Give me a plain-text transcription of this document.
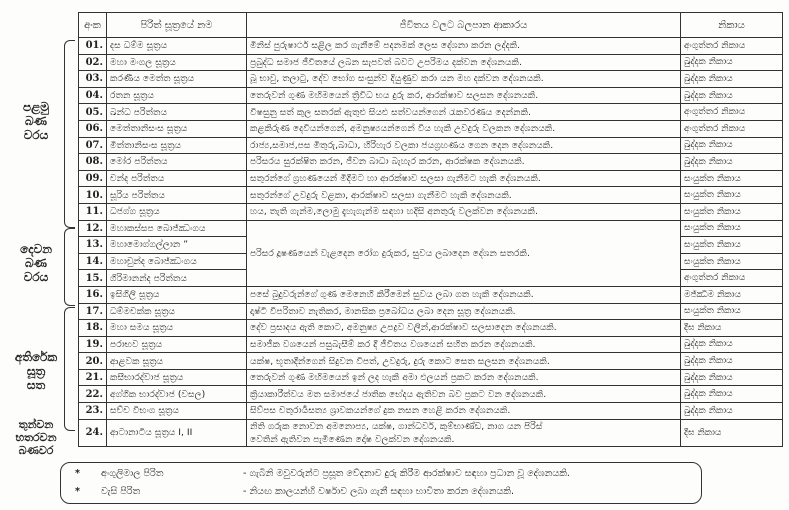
අංක	පිරිත් සූත්‍රයේ නම	ජීවිතය වලට බලපාන ආකාරය	නිකාය
01.	දස ධම්ම සූත්‍රය	මිනිස් පුරුෂාර්ථ සළිල කර ගැනීමේ පදනමක් ලෙස දේශනා කරන ලද්දකි.	අංගුත්තර නිකාය
02.	මහා මංගල සූත්‍රය	ප්‍රබුද්ධ සමාජ ජීවිතයේ ලබන සැපවත් බවට උපරිමය දක්වන දේශනයකි.	ඛුද්දක නිකාය
03.	කරණීය මෙත්ත සූත්‍රය	බූ භාවු, තලාටු, දේව භෝග සංසුන්ව දියුණුව කරා යන මහ දක්වන දේශනයකි.	ඛුද්දක නිකාය
04.	රතන සූත්‍රය	තෙරුවන් ගුණ මහිමයෙන් ත්‍රිවිධ භය දුරු කර, ආරක්ෂාව සලසන දේශනයකි.	ඛුද්දක නිකාය
05.	ඛන්ධ පරිත්තය	විෂසුනු සත් කුල සතරක් ඇතුළු සියළු සත්වයන්ගෙන් රැකවරණය දෙන්නකි.	අංගුත්තර නිකාය
06.	මෙත්තානිසංස සූත්‍රය	කළකිරුණ දෙවියන්ගෙන්, අමනුෂ්‍යයන්ගෙන් විය හැකි උවදුරු වලකන දේශනයකි.	අංගුත්තර නිකාය
07.	මිත්තානිසංස සූත්‍රය	රාජ්‍ය,සමාජ,පස මිතුරු,බාධා, හිරිහැර වලකා ජයග්‍රහණය ගෙන දෙන දේශනයකි.	ඛුද්දක නිකාය
08.	මෝර පරිත්තය	පරිසරය සුරක්ෂිත කරන, ජීවන බාධා බැහැර කරන, ආරක්ෂක දේශනයකි.	ඛුද්දක නිකාය
09.	චන්ද පරිත්තය	සතුරන්ගේ ග්‍රහණයෙන් මිදීමට හා ආරක්ෂාව සලසා ගැනීමට හැකි දේශනයකි.	සංයුක්ත නිකාය
10.	සූරිය පරිත්තය	සතුරන්ගේ උවදුරු වළකා, ආරක්ෂාව සලසා ගැනීමට හැකි දේශනයකි.	සංයුක්ත නිකාය
11.	ධජග්ග සූත්‍රය	හය, තැති ගැන්ම,ලොමු දැහැගැන්ම සඳහා හදිසි අනතුරු වලක්වන දේශනයකි.	සංයුක්ත නිකාය
12.	මහාකස්සප බොජ්ඣංගය	පරිසර දූෂණයෙන් වැළදෙන රෝග දුරුකර, සුවය ලබාදෙන දේශන සතරකි.	සංයුක්ත නිකාය
13.	මහාමොග්ගල්ලාන ”		සංයුක්ත නිකාය
14.	මහාචුන්ද බොජ්ඣංගය		සංයුක්ත නිකාය
15.	ගිරිමානන්ද පරිත්තය		අංගුත්තර නිකාය
16.	ඉසිගිලි සූත්‍රය	පසේ බුදුවරුන්ගේ ගුණ මෙනෙහි කිරීමෙන් සුවය ලබා ගත හැකි දේශනයකි.	මජ්ඣිම නිකාය
17.	ධම්මචක්ක සූත්‍රය	දෘෂ්ටි විපරිතාව නැතිකර, මානසික ප්‍රබෝධය ලබා දෙන සූත්‍ර දේශනයකි.	සංයුක්ත නිකාය
18.	මහා සමය සූත්‍රය	දේව ප්‍රසාදය ඇති කොට, අමනුෂ්‍ය උපද්‍රව වලින්,ආරක්ෂාව සලසාදෙන දේශනයකි.	දීඝ නිකාය
19.	පරාභව සූත්‍රය	සමාජීක වශයෙන් පසුබැසීම් කර දී ජීවිතය වශයෙන් සහිත කරන දේශනයකි.	ඛුද්දක නිකාය
20.	ආළවක සූත්‍රය	යක්ෂ, භූතාදීන්ගෙන් සිදුවන විපත්, උවදුරු, දුරු කොට සෙත සලසන දේශනයකි.	ඛුද්දක නිකාය
21.	කසීභාරද්වාජ සූත්‍රය	තෙරුවන් ගුණ මහිමයෙන් ඉන් ලද හැකි අමා එලයන් ප්‍රකට කරන දේශනයකි.	ඛුද්දක නිකාය
22.	අග්ගික භාරද්වාජ (වසල)	ක්‍රියාකාරීත්වය මත සමාජයේ ජාතික භේදය ඇතිවන බව ප්‍රකට වන දේශනයකි.	ඛුද්දක නිකාය
23.	සච්ච විභංග සූත්‍රය	සිව්පස චතුරාර්‍යසත්‍ය ශ්‍රාවකයන්ගේ දුක නසන හෙළි කරන දේශනයකි.	ඛුද්දක නිකාය
24.	ආටානාටිය සූත්‍රය I, II	නිති ගරුක නොවන අමනොප්‍ය, යක්ෂ, ගාන්ධර්ව, කුම්භාණ්ඩ, නාග යන පිරිස්
වෙතින් ඇතිවන පැමිණෙන දෝෂ වලක්වන දේශනයකි.	දීඝ නිකාය
පළමු
බණ
වරය
දෙවන
බණ
වරය
අතිරේක
සූත්‍ර
සත
තුන්වන
භතරවන
බණවර
* අංගුලිමාල පිරිත	- ගැබිනි මවුවරුන්ට ප්‍රසූත වේදනාව දුරු කිරීම ආරක්ෂාව සඳහා ප්‍රධාන වූ දේශනයකි.
* වැසි පිරිත	- නියඟ කාලයන්හි වර්ෂාව ලබා ගැනී සඳහා භාවිතා කරන දේශනයකි.
